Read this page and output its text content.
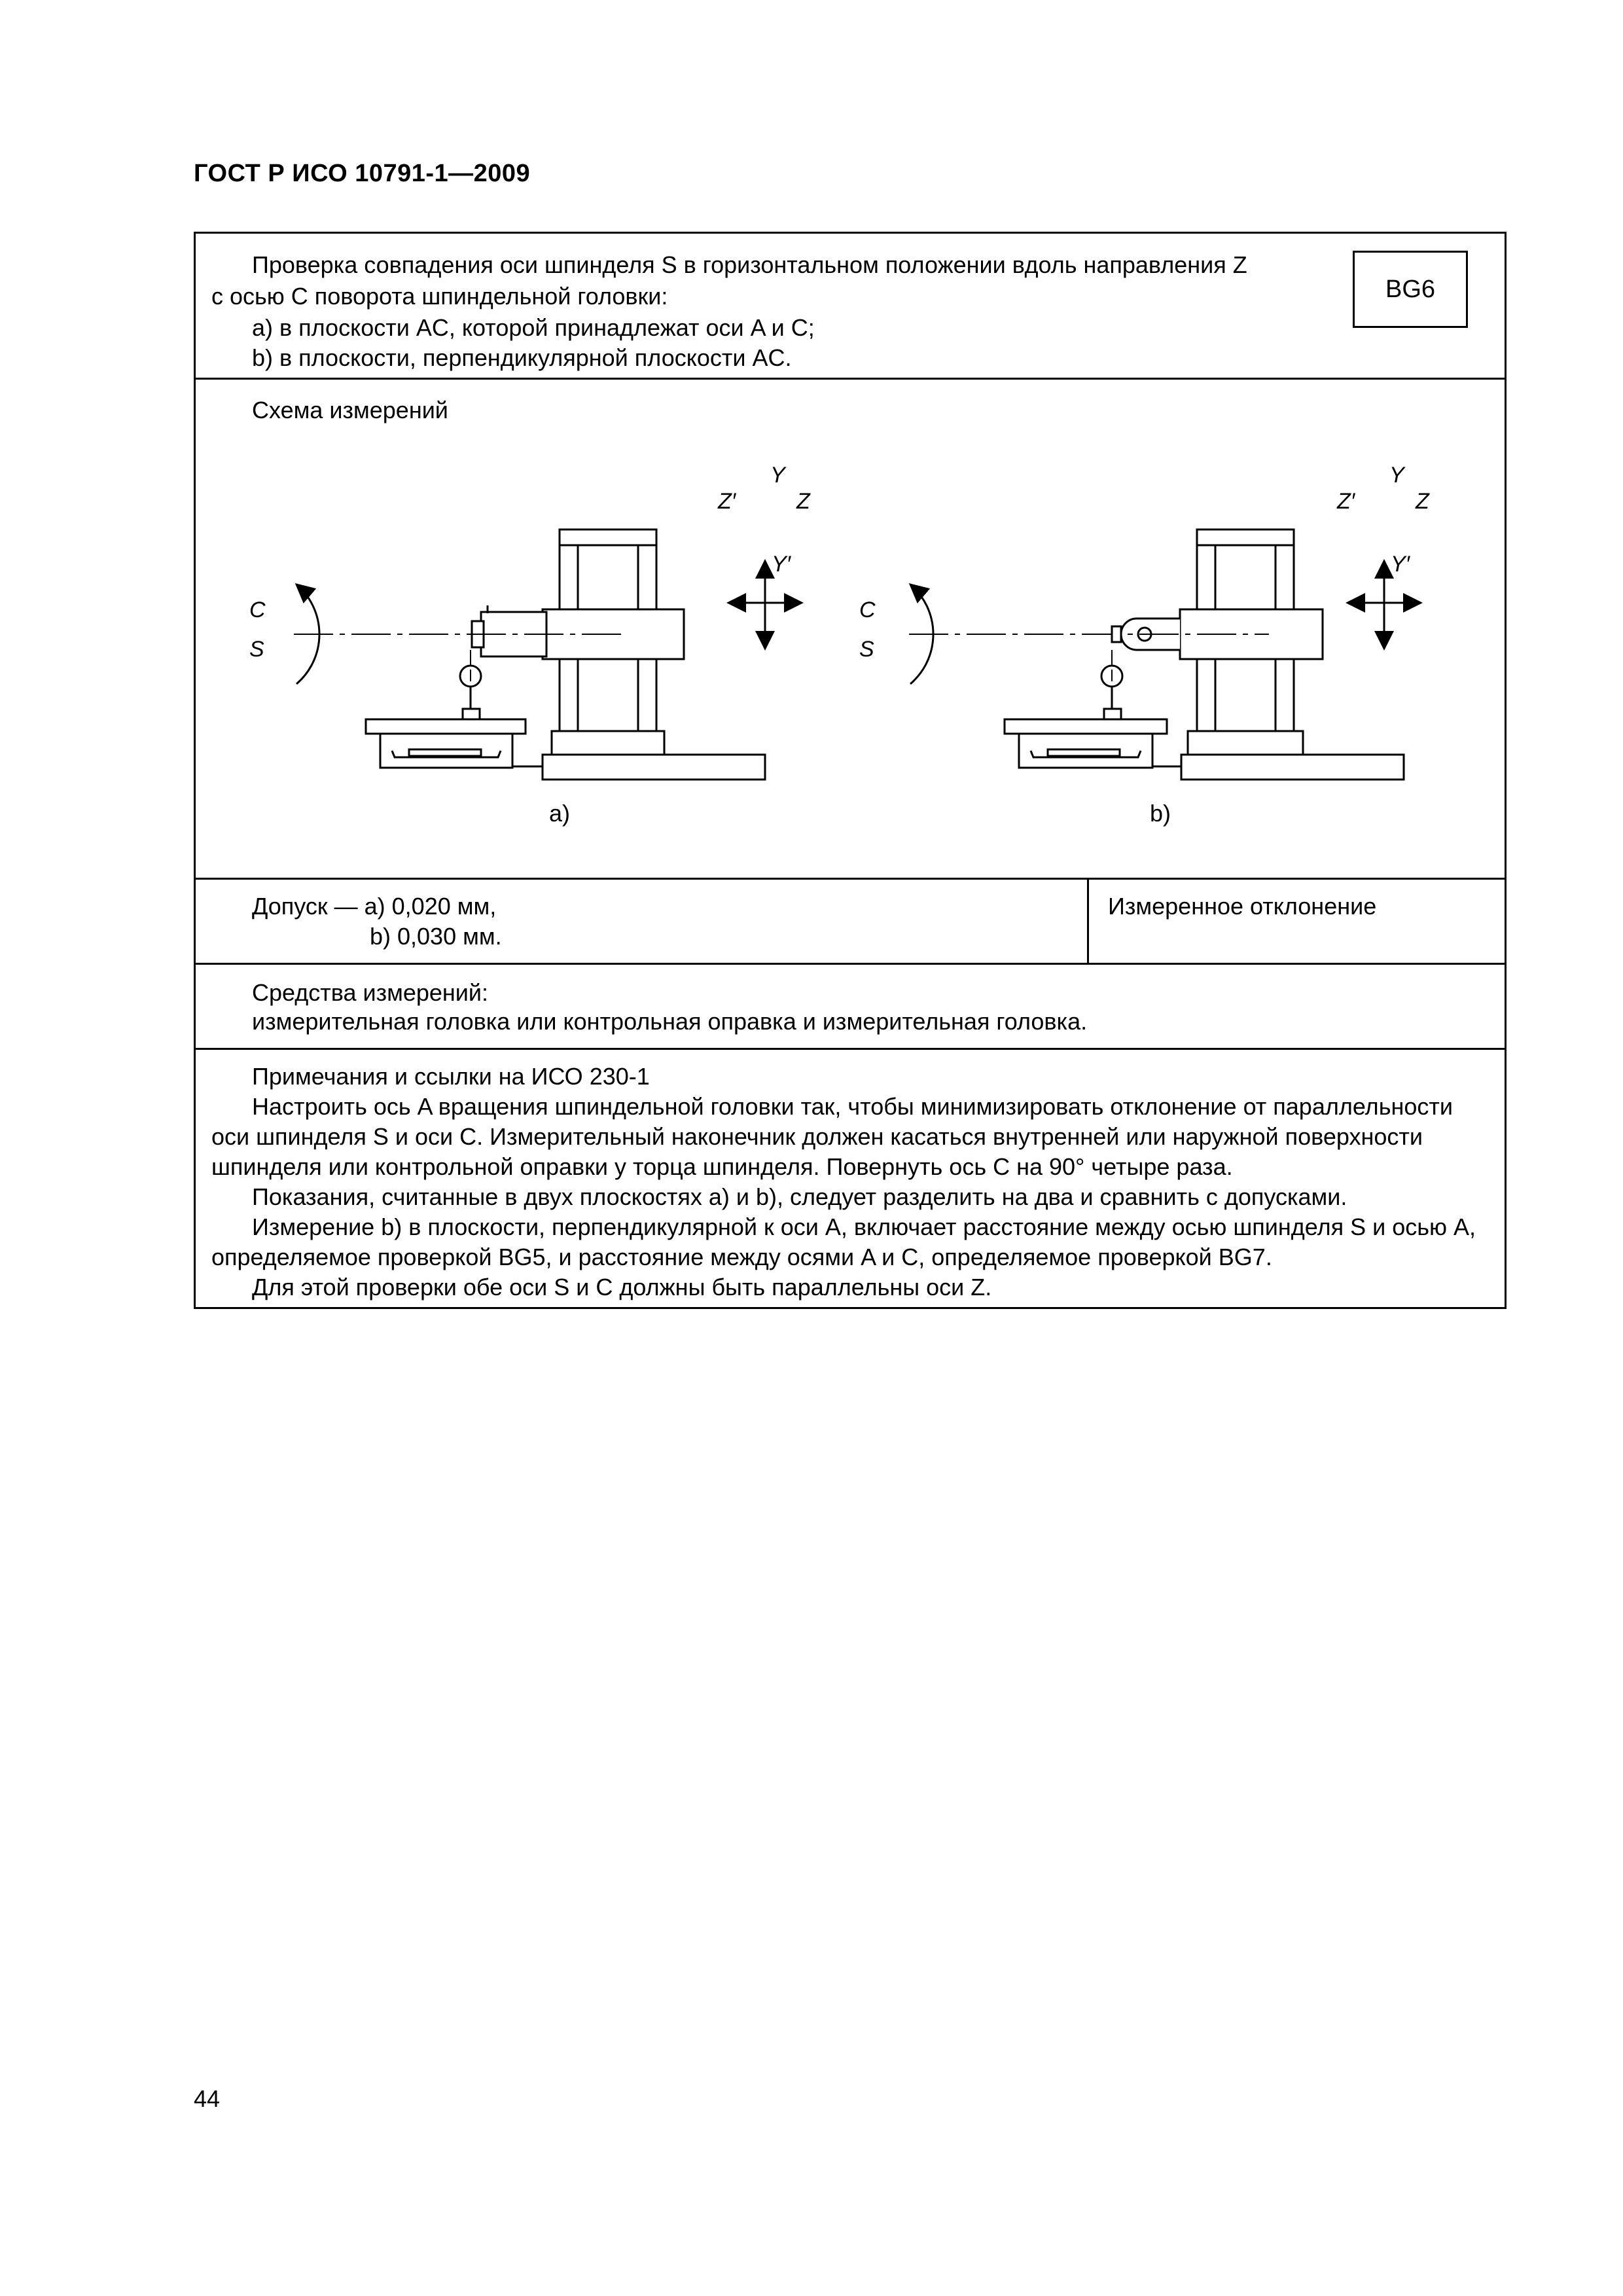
ГОСТ Р ИСО 10791-1—2009
Проверка совпадения оси шпинделя S в горизонтальном положении вдоль направления Z
с осью C поворота шпиндельной головки:
a) в плоскости AC, которой принадлежат оси A и C;
b) в плоскости, перпендикулярной плоскости AC.
BG6
Схема измерений
Y
Z′	Z
Y′
C
S
Y
Z′	Z
Y′
C
S
a)	b)
Допуск — a) 0,020 мм,
b) 0,030 мм.
Измеренное отклонение
Средства измерений:
измерительная головка или контрольная оправка и измерительная головка.
Примечания и ссылки на ИСО 230-1
Настроить ось A вращения шпиндельной головки так, чтобы минимизировать отклонение от параллельности
оси шпинделя S и оси C. Измерительный наконечник должен касаться внутренней или наружной поверхности
шпинделя или контрольной оправки у торца шпинделя. Повернуть ось C на 90° четыре раза.
Показания, считанные в двух плоскостях a) и b), следует разделить на два и сравнить с допусками.
Измерение b) в плоскости, перпендикулярной к оси A, включает расстояние между осью шпинделя S и осью A,
определяемое проверкой BG5, и расстояние между осями A и C, определяемое проверкой BG7.
Для этой проверки обе оси S и C должны быть параллельны оси Z.
44
